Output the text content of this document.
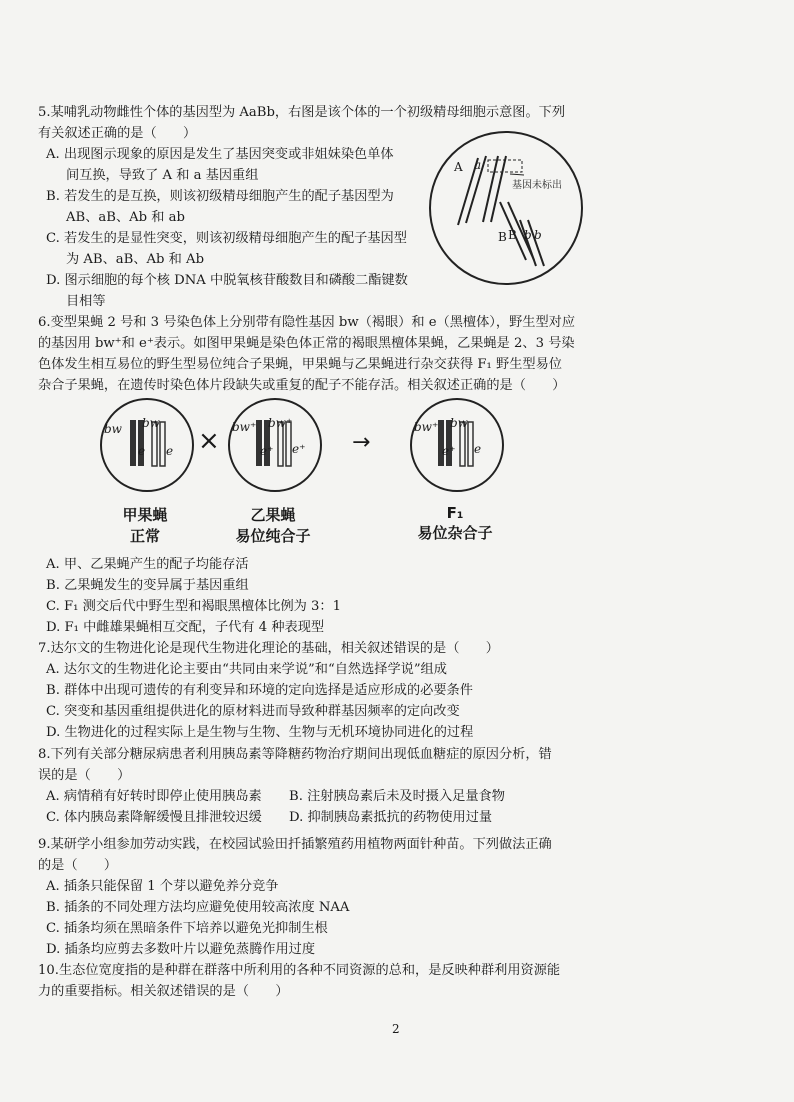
5.某哺乳动物雌性个体的基因型为 AaBb，右图是该个体的一个初级精母细胞示意图。下列
有关叙述正确的是（　　）
A. 出现图示现象的原因是发生了基因突变或非姐妹染色单体
间互换，导致了 A 和 a 基因重组
B. 若发生的是互换，则该初级精母细胞产生的配子基因型为
AB、aB、Ab 和 ab
C. 若发生的是显性突变，则该初级精母细胞产生的配子基因型
为 AB、aB、Ab 和 Ab
D. 图示细胞的每个核 DNA 中脱氧核苷酸数目和磷酸二酯键数
目相等
A a
基因未标出
B B b b
6.变型果蝇 2 号和 3 号染色体上分别带有隐性基因 bw（褐眼）和 e（黑檀体），野生型对应
的基因用 bw⁺和 e⁺表示。如图甲果蝇是染色体正常的褐眼黑檀体果蝇，乙果蝇是 2、3 号染
色体发生相互易位的野生型易位纯合子果蝇，甲果蝇与乙果蝇进行杂交获得 F₁ 野生型易位
杂合子果蝇，在遗传时染色体片段缺失或重复的配子不能存活。相关叙述正确的是（　　）
bw bw
e e × bw⁺ bw⁺
e⁺ e⁺ →
bw⁺ bw
e⁺ e
甲果蝇
正常
乙果蝇
易位纯合子
F₁
易位杂合子
A. 甲、乙果蝇产生的配子均能存活
B. 乙果蝇发生的变异属于基因重组
C. F₁ 测交后代中野生型和褐眼黑檀体比例为 3：1
D. F₁ 中雌雄果蝇相互交配，子代有 4 种表现型
7.达尔文的生物进化论是现代生物进化理论的基础，相关叙述错误的是（　　）
A. 达尔文的生物进化论主要由“共同由来学说”和“自然选择学说”组成
B. 群体中出现可遗传的有利变异和环境的定向选择是适应形成的必要条件
C. 突变和基因重组提供进化的原材料进而导致种群基因频率的定向改变
D. 生物进化的过程实际上是生物与生物、生物与无机环境协同进化的过程
8.下列有关部分糖尿病患者利用胰岛素等降糖药物治疗期间出现低血糖症的原因分析，错
误的是（　　）
A. 病情稍有好转时即停止使用胰岛素	B. 注射胰岛素后未及时摄入足量食物
C. 体内胰岛素降解缓慢且排泄较迟缓	D. 抑制胰岛素抵抗的药物使用过量
9.某研学小组参加劳动实践，在校园试验田扦插繁殖药用植物两面针种苗。下列做法正确
的是（　　）
A. 插条只能保留 1 个芽以避免养分竞争
B. 插条的不同处理方法均应避免使用较高浓度 NAA
C. 插条均须在黑暗条件下培养以避免光抑制生根
D. 插条均应剪去多数叶片以避免蒸腾作用过度
10.生态位宽度指的是种群在群落中所利用的各种不同资源的总和，是反映种群利用资源能
力的重要指标。相关叙述错误的是（　　）
2
